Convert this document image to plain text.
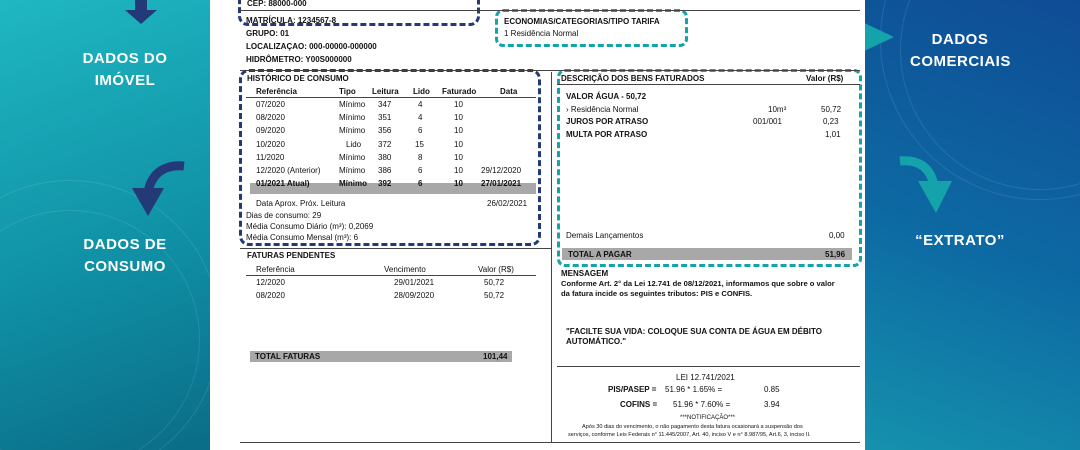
DADOS DO IMÓVEL
DADOS DE CONSUMO
DADOS COMERCIAIS
“EXTRATO”
CEP: 88000-000
MATRÍCULA: 1234567-8
GRUPO: 01
LOCALIZAÇAO: 000-00000-000000
HIDRÔMETRO: Y00S000000
ECONOMIAS/CATEGORIAS/TIPO TARIFA
1 Residência Normal
HISTÓRICO DE CONSUMO
Referência	Tipo Leitura Lido Faturado	Data
07/2020	Mínimo 347	4	10
08/2020	Mínimo 351	4	10
09/2020	Mínimo 356	6	10
10/2020	Lido 372	15	10
11/2020	Mínimo 380	8	10
12/2020 (Anterior) Mínimo 386	6	10 29/12/2020
01/2021 Atual)	Mínimo 392	6	10 27/01/2021
Data Aprox. Próx. Leitura	26/02/2021
Dias de consumo: 29
Média Consumo Diário (m³): 0,2069
Média Consumo Mensal (m³): 6
FATURAS PENDENTES
Referência	Vencimento	Valor (R$)
12/2020	29/01/2021	50,72
08/2020	28/09/2020	50,72
TOTAL FATURAS	101,44
DESCRIÇÃO DOS BENS FATURADOS	Valor (R$)
VALOR ÁGUA - 50,72
› Residência Normal	10m³	50,72
JUROS POR ATRASO	001/001	0,23
MULTA POR ATRASO	1,01
Demais Lançamentos	0,00
TOTAL A PAGAR	51,96
MENSAGEM
Conforme Art. 2° da Lei 12.741 de 08/12/2021, informamos que sobre o valor
da fatura incide os seguintes tributos: PIS e CONFIS.
"FACILTE SUA VIDA: COLOQUE SUA CONTA DE ÁGUA EM DÉBITO
AUTOMÁTICO."
LEI 12.741/2021
PIS/PASEP = 51.96 * 1.65% =	0.85
COFINS = 51.96 * 7.60% =	3.94
***NOTIFICAÇÃO***
Após 30 dias do vencimento, o não pagamento desta fatura ocasionará a suspensão dos
serviços, conforme Leis Federais n° 11.445/2007, Art. 40, inciso V e n° 8.987/95, Art.6, 3, inciso II.
